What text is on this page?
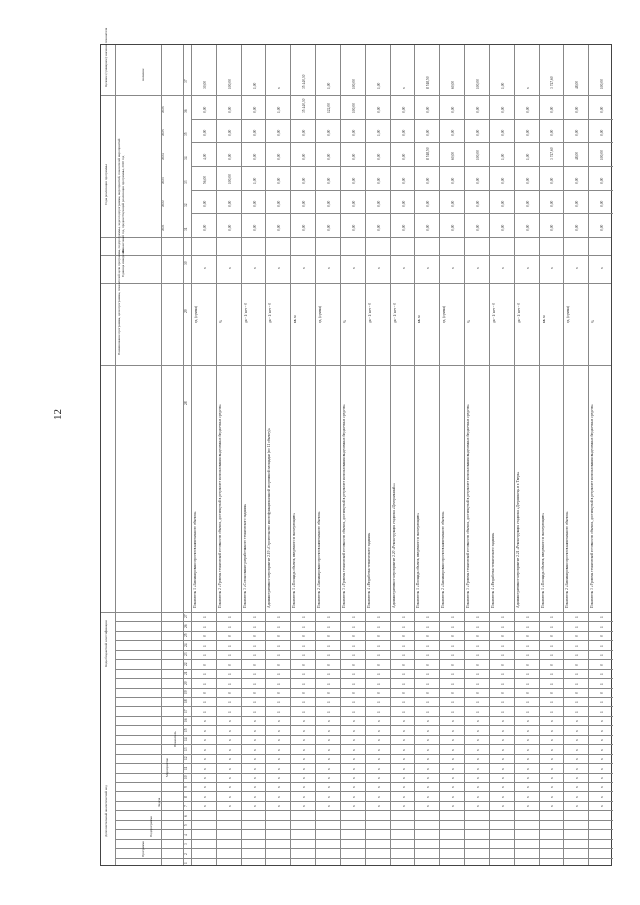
12
Коды бюджетной классификации
Дополнительный аналитический код
Наименование программы, цели программы, показателей цели программы, подпрограммы, задач подпрограммы, мероприятий, показателей мероприятий Единица измерения
Финансовый год, предшествующий реализации программы, 2020 год
Годы реализации программы
Целевое (суммарное) значение показателя	значение
2021
2022
2023
2024
2025
2026
Программа
Подпрограмма
Задача
Мероприятие
Показатель
1
2
3
4
5
6
7
8
9
10
11
12
13
14
15
16
17
18
19
20
21
22
23
24
25
26
27
28
29
30
31
32
33
34
35
36
37
х
х
х
х
х
х
х
х
х
х
1
1
0
1
1
0
1
1
0
1
1
Показатель 1 «Запланировано проектов капитального объекта»
ед. (сумма)
х
0,00
0,00
56,00
4,00
0,00
0,00
30,00
х
х
х
х
х
х
х
х
х
х
1
1
0
1
1
0
1
1
0
1
1
Показатель 2 «Уровень технической готовности объекта, достигнутый в результате использования выделенных бюджетных средств»
%
х
0,00
0,00
100,00
0,00
0,00
0,00
100,00
х
х
х
х
х
х
х
х
х
х
1
1
0
1
1
0
1
1
0
1
1
Показатель 3 «Согласование разработанного технического задания»
да - 1/ нет - 0
х
0,00
0,00
1,00
0,00
0,00
0,00
1,00
х
х
х
х
х
х
х
х
х
х
1
1
0
1
1
0
1
1
0
1
1
Административное мероприятие 2.19 «Строительство многофункциональной спортивной площадки (по 11 объекту)»
да - 1/ нет - 0
х
0,00
0,00
0,00
0,00
0,00
1,00
х
х
х
х
х
х
х
х
х
х
х
1
1
0
1
1
0
1
1
0
1
1
Показатель 1 «Площадь объекта, введенного в эксплуатацию»
кв. м
х
0,00
0,00
0,00
0,00
0,00
35 440,30
35 440,30
х
х
х
х
х
х
х
х
х
х
1
1
0
1
1
0
1
1
0
1
1
Показатель 2 «Запланировано проектов капитального объекта»
ед. (сумма)
х
0,00
0,00
0,00
0,00
0,00
122,00
1,00
х
х
х
х
х
х
х
х
х
х
1
1
0
1
1
0
1
1
0
1
1
Показатель 3 «Уровень технической готовности объекта, достигнутый в результате использования выделенных бюджетных средств»
%
х
0,00
0,00
0,00
0,00
0,00
100,00
100,00
х
х
х
х
х
х
х
х
х
х
1
1
0
1
1
0
1
1
0
1
1
Показатель 4 «Разработка технического задания»
да - 1/ нет - 0
х
0,00
0,00
0,00
0,00
1,00
0,00
1,00
х
х
х
х
х
х
х
х
х
х
1
1
0
1
1
0
1
1
0
1
1
Административное мероприятие 2.20 «Реконструкция стадиона «Центральный»»
да - 1/ нет - 0
х
0,00
0,00
0,00
0,00
0,00
0,00
х
х
х
х
х
х
х
х
х
х
х
1
1
0
1
1
0
1
1
0
1
1
Показатель 1 «Площадь объекта, введенного в эксплуатацию»
кв. м
х
0,00
0,00
0,00
8 518,50
0,00
0,00
8 518,50
х
х
х
х
х
х
х
х
х
х
1
1
0
1
1
0
1
1
0
1
1
Показатель 2 «Запланировано проектов капитального объекта»
ед. (сумма)
х
0,00
0,00
0,00
60,00
0,00
0,00
60,00
х
х
х
х
х
х
х
х
х
х
1
1
0
1
1
0
1
1
0
1
1
Показатель 3 «Уровень технической готовности объекта, достигнутый в результате использования выделенных бюджетных средств»
%
х
0,00
0,00
0,00
100,00
0,00
0,00
100,00
х
х
х
х
х
х
х
х
х
х
1
1
0
1
1
0
1
1
0
1
1
Показатель 4 «Разработка технического задания»
да - 1/ нет - 0
х
0,00
0,00
0,00
1,00
0,00
0,00
1,00
х
х
х
х
х
х
х
х
х
х
1
1
0
1
1
0
1
1
0
1
1
Административное мероприятие 2.21 «Реконструкция стадиона «Дзержинец» в г. Тверь»
да - 1/ нет - 0
х
0,00
0,00
0,00
1,00
0,00
0,00
х
х
х
х
х
х
х
х
х
х
х
1
1
0
1
1
0
1
1
0
1
1
Показатель 1 «Площадь объекта, введенного в эксплуатацию»
кв. м
х
0,00
0,00
0,00
3 747,60
0,00
0,00
3 747,60
х
х
х
х
х
х
х
х
х
х
1
1
0
1
1
0
1
1
0
1
1
Показатель 2 «Запланировано проектов капитального объекта»
ед. (сумма)
х
0,00
0,00
0,00
48,00
0,00
0,00
48,00
х
х
х
х
х
х
х
х
х
х
1
1
0
1
1
0
1
1
0
1
1
Показатель 3 «Уровень технической готовности объекта, достигнутый в результате использования выделенных бюджетных средств»
%
х
0,00
0,00
0,00
100,00
0,00
0,00
100,00
